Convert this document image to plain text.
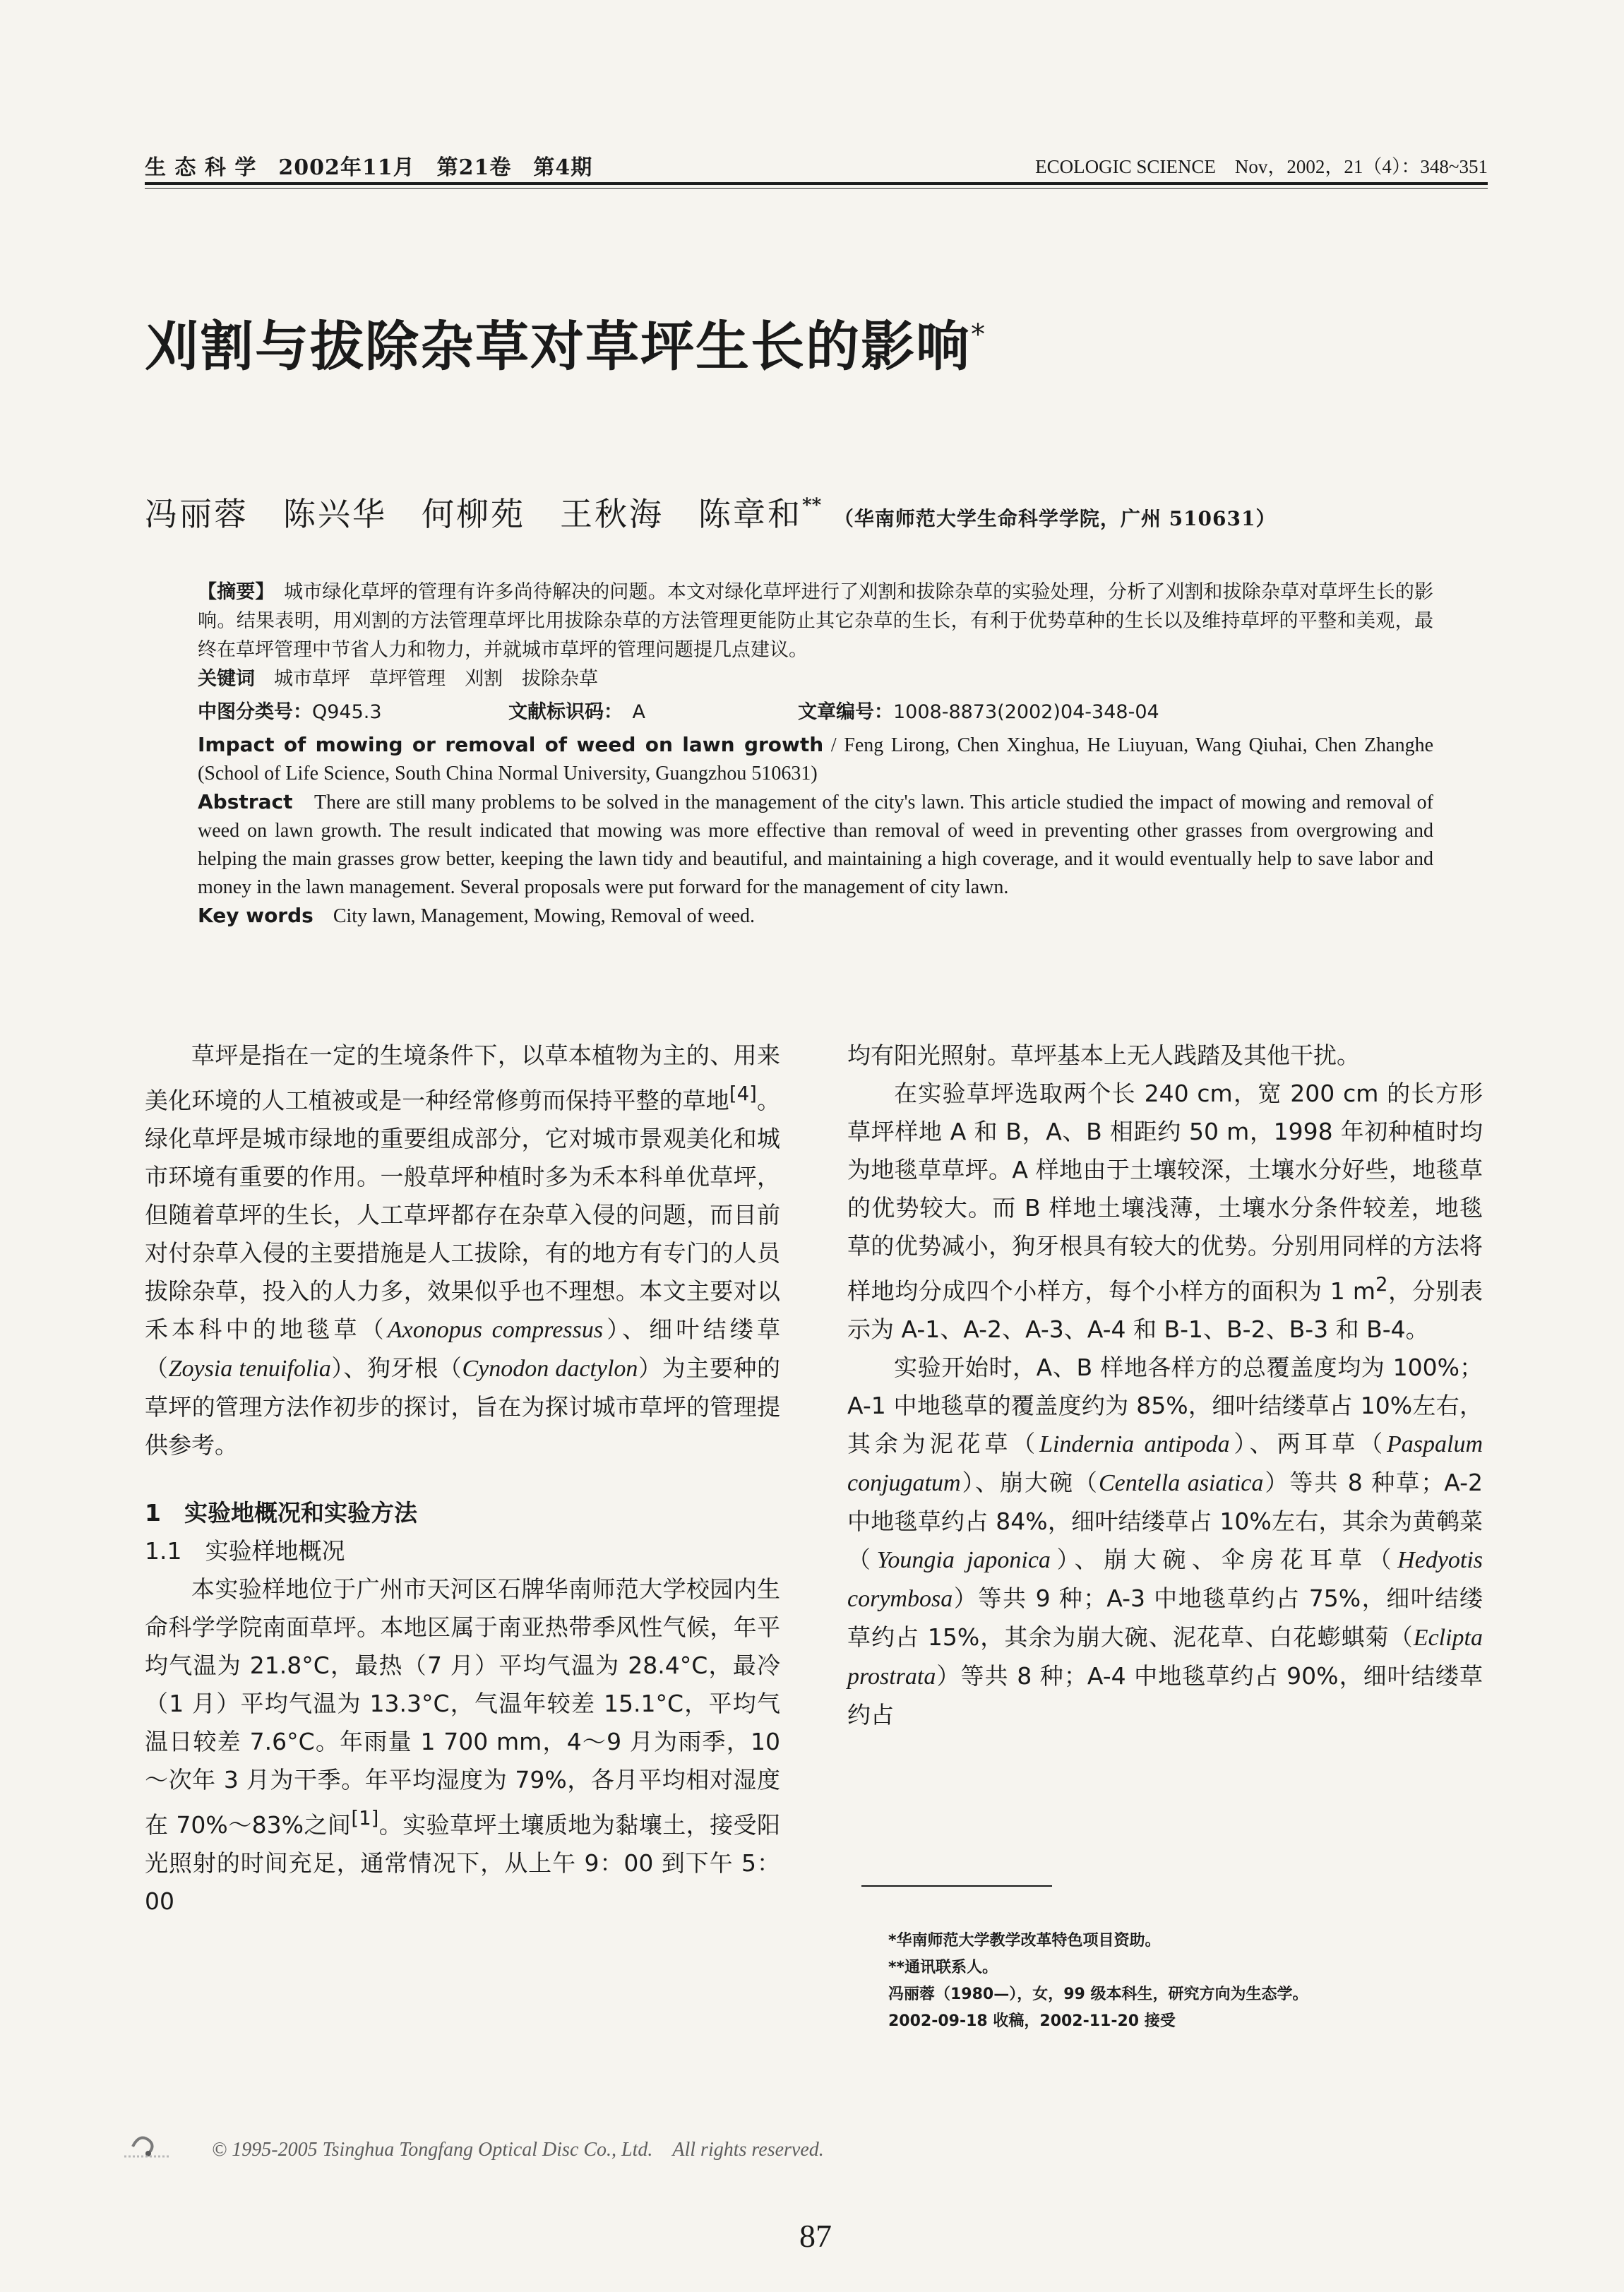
生 态 科 学　2002年11月　第21卷　第4期	ECOLOGIC SCIENCE　Nov，2002，21（4）：348~351
刈割与拔除杂草对草坪生长的影响*
冯丽蓉　陈兴华　何柳苑　王秋海　陈章和** （华南师范大学生命科学学院，广州 510631）
【摘要】　 城市绿化草坪的管理有许多尚待解决的问题。本文对绿化草坪进行了刈割和拔除杂草的实验处理，分析了刈割和拔除杂草对草坪生长的影响。结果表明，用刈割的方法管理草坪比用拔除杂草的方法管理更能防止其它杂草的生长，有利于优势草种的生长以及维持草坪的平整和美观，最终在草坪管理中节省人力和物力，并就城市草坪的管理问题提几点建议。
关键词　 城市草坪　草坪管理　刈割　拔除杂草
中图分类号：Q945.3	文献标识码：　 A	文章编号：1008-8873(2002)04-348-04
Impact of mowing or removal of weed on lawn growth / Feng Lirong, Chen Xinghua, He Liuyuan, Wang Qiuhai, Chen Zhanghe (School of Life Science, South China Normal University, Guangzhou 510631)
Abstract　 There are still many problems to be solved in the management of the city's lawn. This article studied the impact of mowing and removal of weed on lawn growth. The result indicated that mowing was more effective than removal of weed in preventing other grasses from overgrowing and helping the main grasses grow better, keeping the lawn tidy and beautiful, and maintaining a high coverage, and it would eventually help to save labor and money in the lawn management. Several proposals were put forward for the management of city lawn.
Key words　 City lawn, Management, Mowing, Removal of weed.

草坪是指在一定的生境条件下，以草本植物为主的、用来美化环境的人工植被或是一种经常修剪而保持平整的草地[4]。绿化草坪是城市绿地的重要组成部分，它对城市景观美化和城市环境有重要的作用。一般草坪种植时多为禾本科单优草坪，但随着草坪的生长，人工草坪都存在杂草入侵的问题，而目前对付杂草入侵的主要措施是人工拔除，有的地方有专门的人员拔除杂草，投入的人力多，效果似乎也不理想。本文主要对以禾本科中的地毯草（Axonopus compressus）、细叶结缕草（Zoysia tenuifolia）、狗牙根（Cynodon dactylon）为主要种的草坪的管理方法作初步的探讨，旨在为探讨城市草坪的管理提供参考。

1　实验地概况和实验方法

1.1　实验样地概况

本实验样地位于广州市天河区石牌华南师范大学校园内生命科学学院南面草坪。本地区属于南亚热带季风性气候，年平均气温为 21.8°C，最热（7 月）平均气温为 28.4°C，最冷（1 月）平均气温为 13.3°C，气温年较差 15.1°C，平均气温日较差 7.6°C。年雨量 1 700 mm，4～9 月为雨季，10～次年 3 月为干季。年平均湿度为 79%，各月平均相对湿度在 70%～83%之间[1]。实验草坪土壤质地为黏壤土，接受阳光照射的时间充足，通常情况下，从上午 9：00 到下午 5：00

均有阳光照射。草坪基本上无人践踏及其他干扰。

在实验草坪选取两个长 240 cm，宽 200 cm 的长方形草坪样地 A 和 B，A、B 相距约 50 m，1998 年初种植时均为地毯草草坪。A 样地由于土壤较深，土壤水分好些，地毯草的优势较大。而 B 样地土壤浅薄，土壤水分条件较差，地毯草的优势减小，狗牙根具有较大的优势。分别用同样的方法将样地均分成四个小样方，每个小样方的面积为 1 $m^2$，分别表示为 A-1、A-2、A-3、A-4 和 B-1、B-2、B-3 和 B-4。

实验开始时，A、B 样地各样方的总覆盖度均为 100%；A-1 中地毯草的覆盖度约为 85%，细叶结缕草占 10%左右，其余为泥花草（Lindernia antipoda）、两耳草（Paspalum conjugatum）、崩大碗（Centella asiatica）等共 8 种草；A-2 中地毯草约占 84%，细叶结缕草占 10%左右，其余为黄鹌菜（Youngia japonica）、崩大碗、伞房花耳草（Hedyotis corymbosa）等共 9 种；A-3 中地毯草约占 75%，细叶结缕草约占 15%，其余为崩大碗、泥花草、白花蟛蜞菊（Eclipta prostrata）等共 8 种；A-4 中地毯草约占 90%，细叶结缕草约占

*华南师范大学教学改革特色项目资助。
**通讯联系人。
冯丽蓉（1980—），女，99 级本科生，研究方向为生态学。
2002-09-18 收稿，2002-11-20 接受
© 1995-2005 Tsinghua Tongfang Optical Disc Co., Ltd.　All rights reserved.
87
